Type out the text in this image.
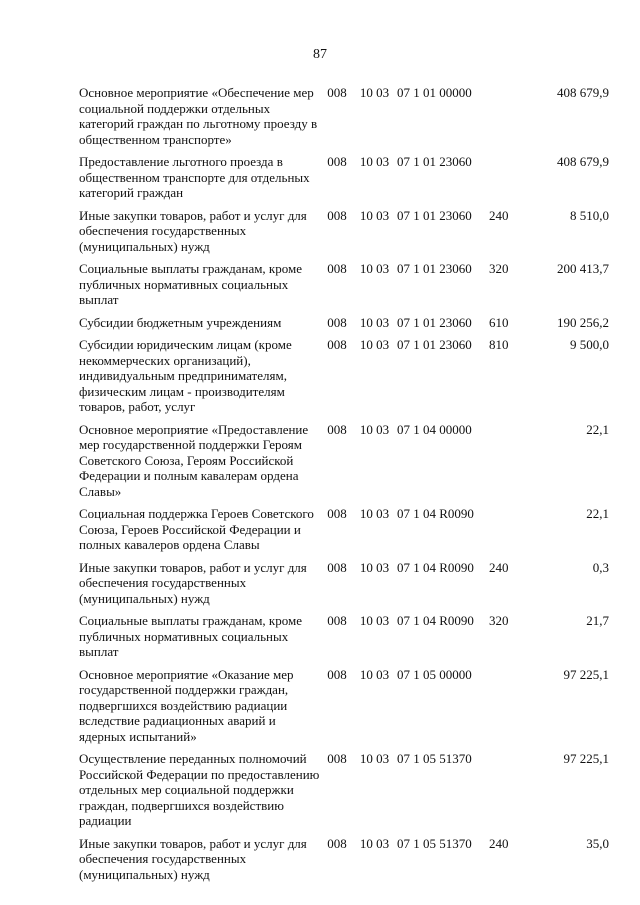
87
Основное мероприятие «Обеспечение мер социальной поддержки отдельных категорий граждан по льготному проезду в общественном транспорте»	008	10 03	07 1 01 00000		408 679,9
Предоставление льготного проезда в общественном транспорте для отдельных категорий граждан	008	10 03	07 1 01 23060		408 679,9
Иные закупки товаров, работ и услуг для обеспечения государственных (муниципальных) нужд	008	10 03	07 1 01 23060	240	8 510,0
Социальные выплаты гражданам, кроме публичных нормативных социальных выплат	008	10 03	07 1 01 23060	320	200 413,7
Субсидии бюджетным учреждениям	008	10 03	07 1 01 23060	610	190 256,2
Субсидии юридическим лицам (кроме некоммерческих организаций), индивидуальным предпринимателям, физическим лицам - производителям товаров, работ, услуг	008	10 03	07 1 01 23060	810	9 500,0
Основное мероприятие «Предоставление мер государственной поддержки Героям Советского Союза, Героям Российской Федерации и полным кавалерам ордена Славы»	008	10 03	07 1 04 00000		22,1
Социальная поддержка Героев Советского Союза, Героев Российской Федерации и полных кавалеров ордена Славы	008	10 03	07 1 04 R0090		22,1
Иные закупки товаров, работ и услуг для обеспечения государственных (муниципальных) нужд	008	10 03	07 1 04 R0090	240	0,3
Социальные выплаты гражданам, кроме публичных нормативных социальных выплат	008	10 03	07 1 04 R0090	320	21,7
Основное мероприятие «Оказание мер государственной поддержки граждан, подвергшихся воздействию радиации вследствие радиационных аварий и ядерных испытаний»	008	10 03	07 1 05 00000		97 225,1
Осуществление переданных полномочий Российской Федерации по предоставлению отдельных мер социальной поддержки граждан, подвергшихся воздействию радиации	008	10 03	07 1 05 51370		97 225,1
Иные закупки товаров, работ и услуг для обеспечения государственных (муниципальных) нужд	008	10 03	07 1 05 51370	240	35,0
